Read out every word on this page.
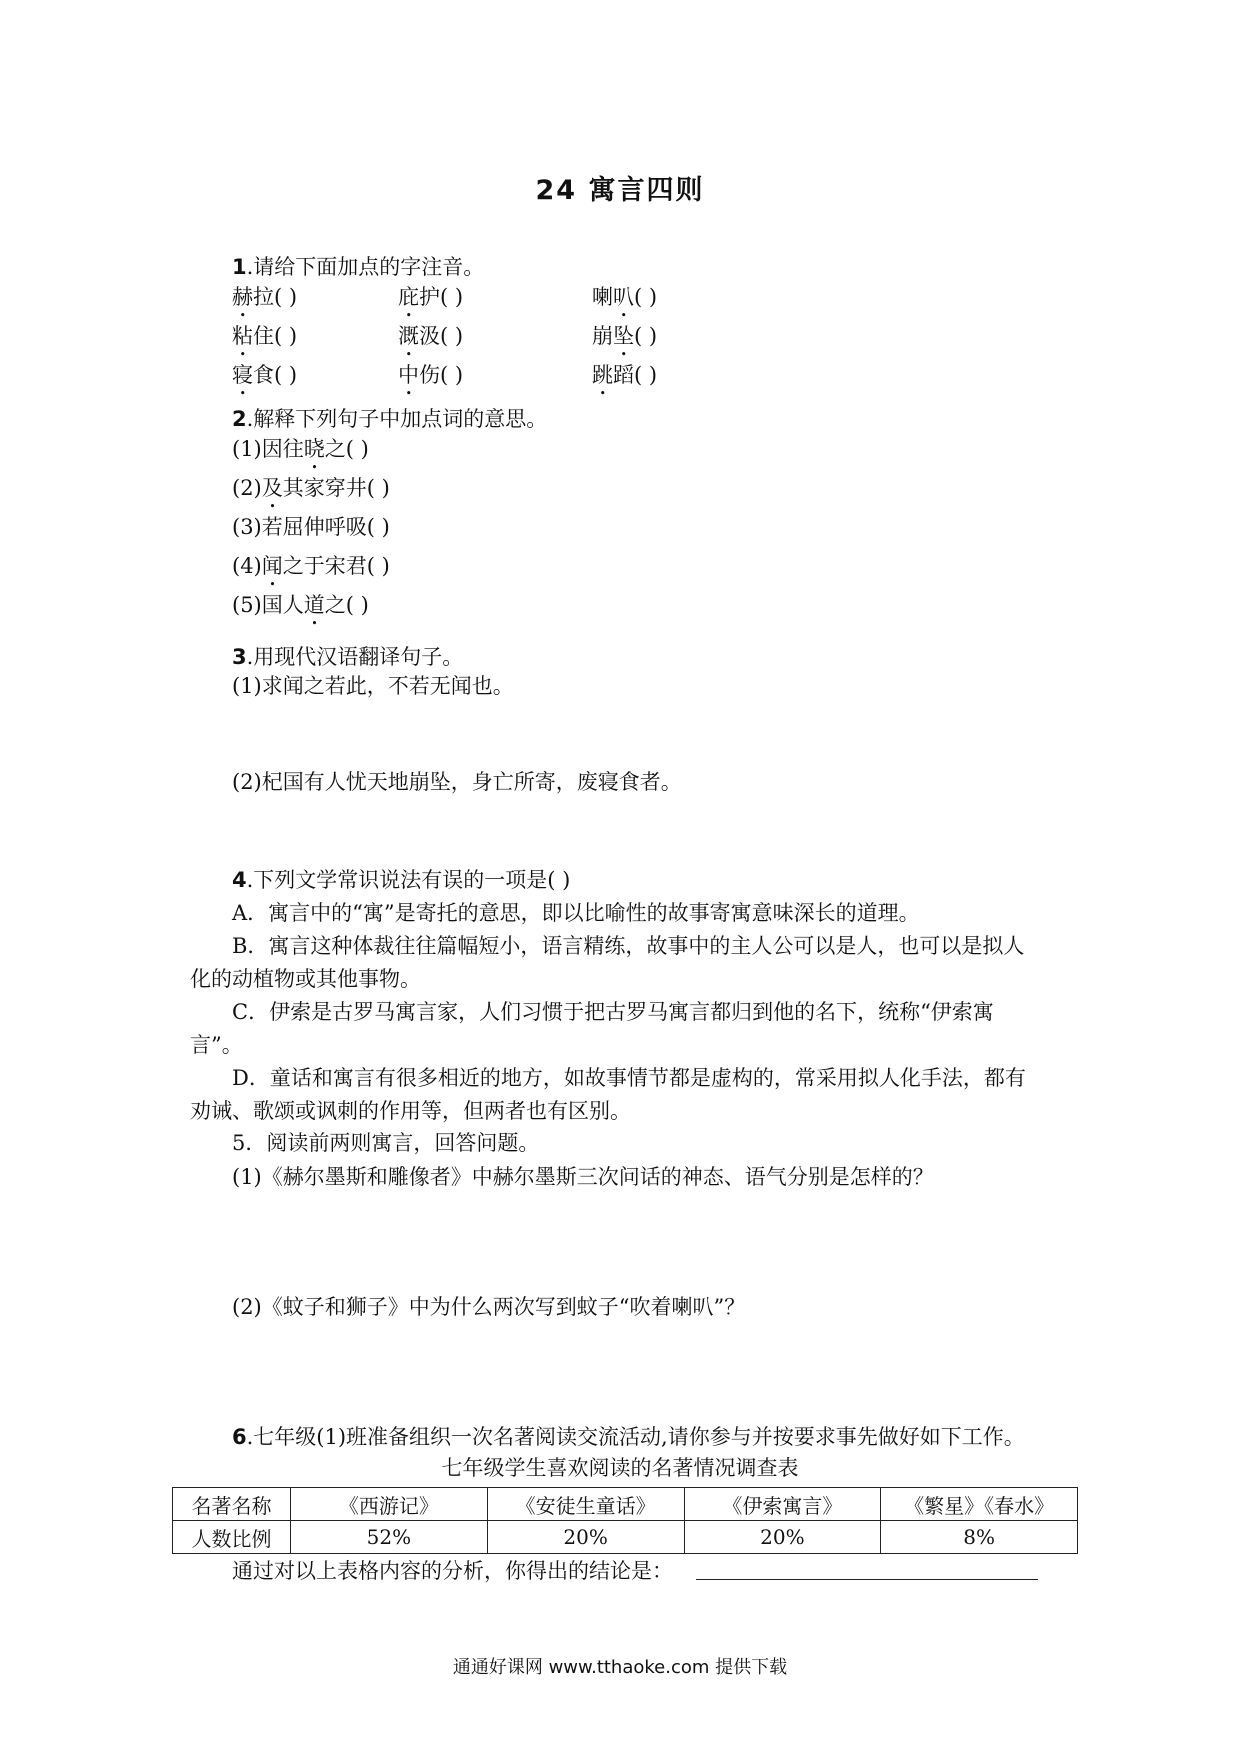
24 寓言四则
1.请给下面加点的字注音。
赫拉( )	庇护( )	喇叭( )
粘住( )	溉汲( )	崩坠( )
寝食( )	中伤( )	跳蹈( )
2.解释下列句子中加点词的意思。
(1)因往晓之( )
(2)及其家穿井( )
(3)若屈伸呼吸( )
(4)闻之于宋君( )
(5)国人道之( )
3.用现代汉语翻译句子。
(1)求闻之若此，不若无闻也。
(2)杞国有人忧天地崩坠，身亡所寄，废寝食者。
4.下列文学常识说法有误的一项是( )
A．寓言中的“寓”是寄托的意思，即以比喻性的故事寄寓意味深长的道理。
B．寓言这种体裁往往篇幅短小，语言精练，故事中的主人公可以是人，也可以是拟人
化的动植物或其他事物。
C．伊索是古罗马寓言家，人们习惯于把古罗马寓言都归到他的名下，统称“伊索寓
言”。
D．童话和寓言有很多相近的地方，如故事情节都是虚构的，常采用拟人化手法，都有
劝诫、歌颂或讽刺的作用等，但两者也有区别。
5．阅读前两则寓言，回答问题。
(1)《赫尔墨斯和雕像者》中赫尔墨斯三次问话的神态、语气分别是怎样的？
(2)《蚊子和狮子》中为什么两次写到蚊子“吹着喇叭”？
6.七年级(1)班准备组织一次名著阅读交流活动,请你参与并按要求事先做好如下工作。
七年级学生喜欢阅读的名著情况调查表
名著名称	《西游记》	《安徒生童话》	《伊索寓言》	《繁星》《春水》
人数比例	52%	20%	20%	8%
通过对以上表格内容的分析，你得出的结论是：
通通好课网 www.tthaoke.com 提供下载
